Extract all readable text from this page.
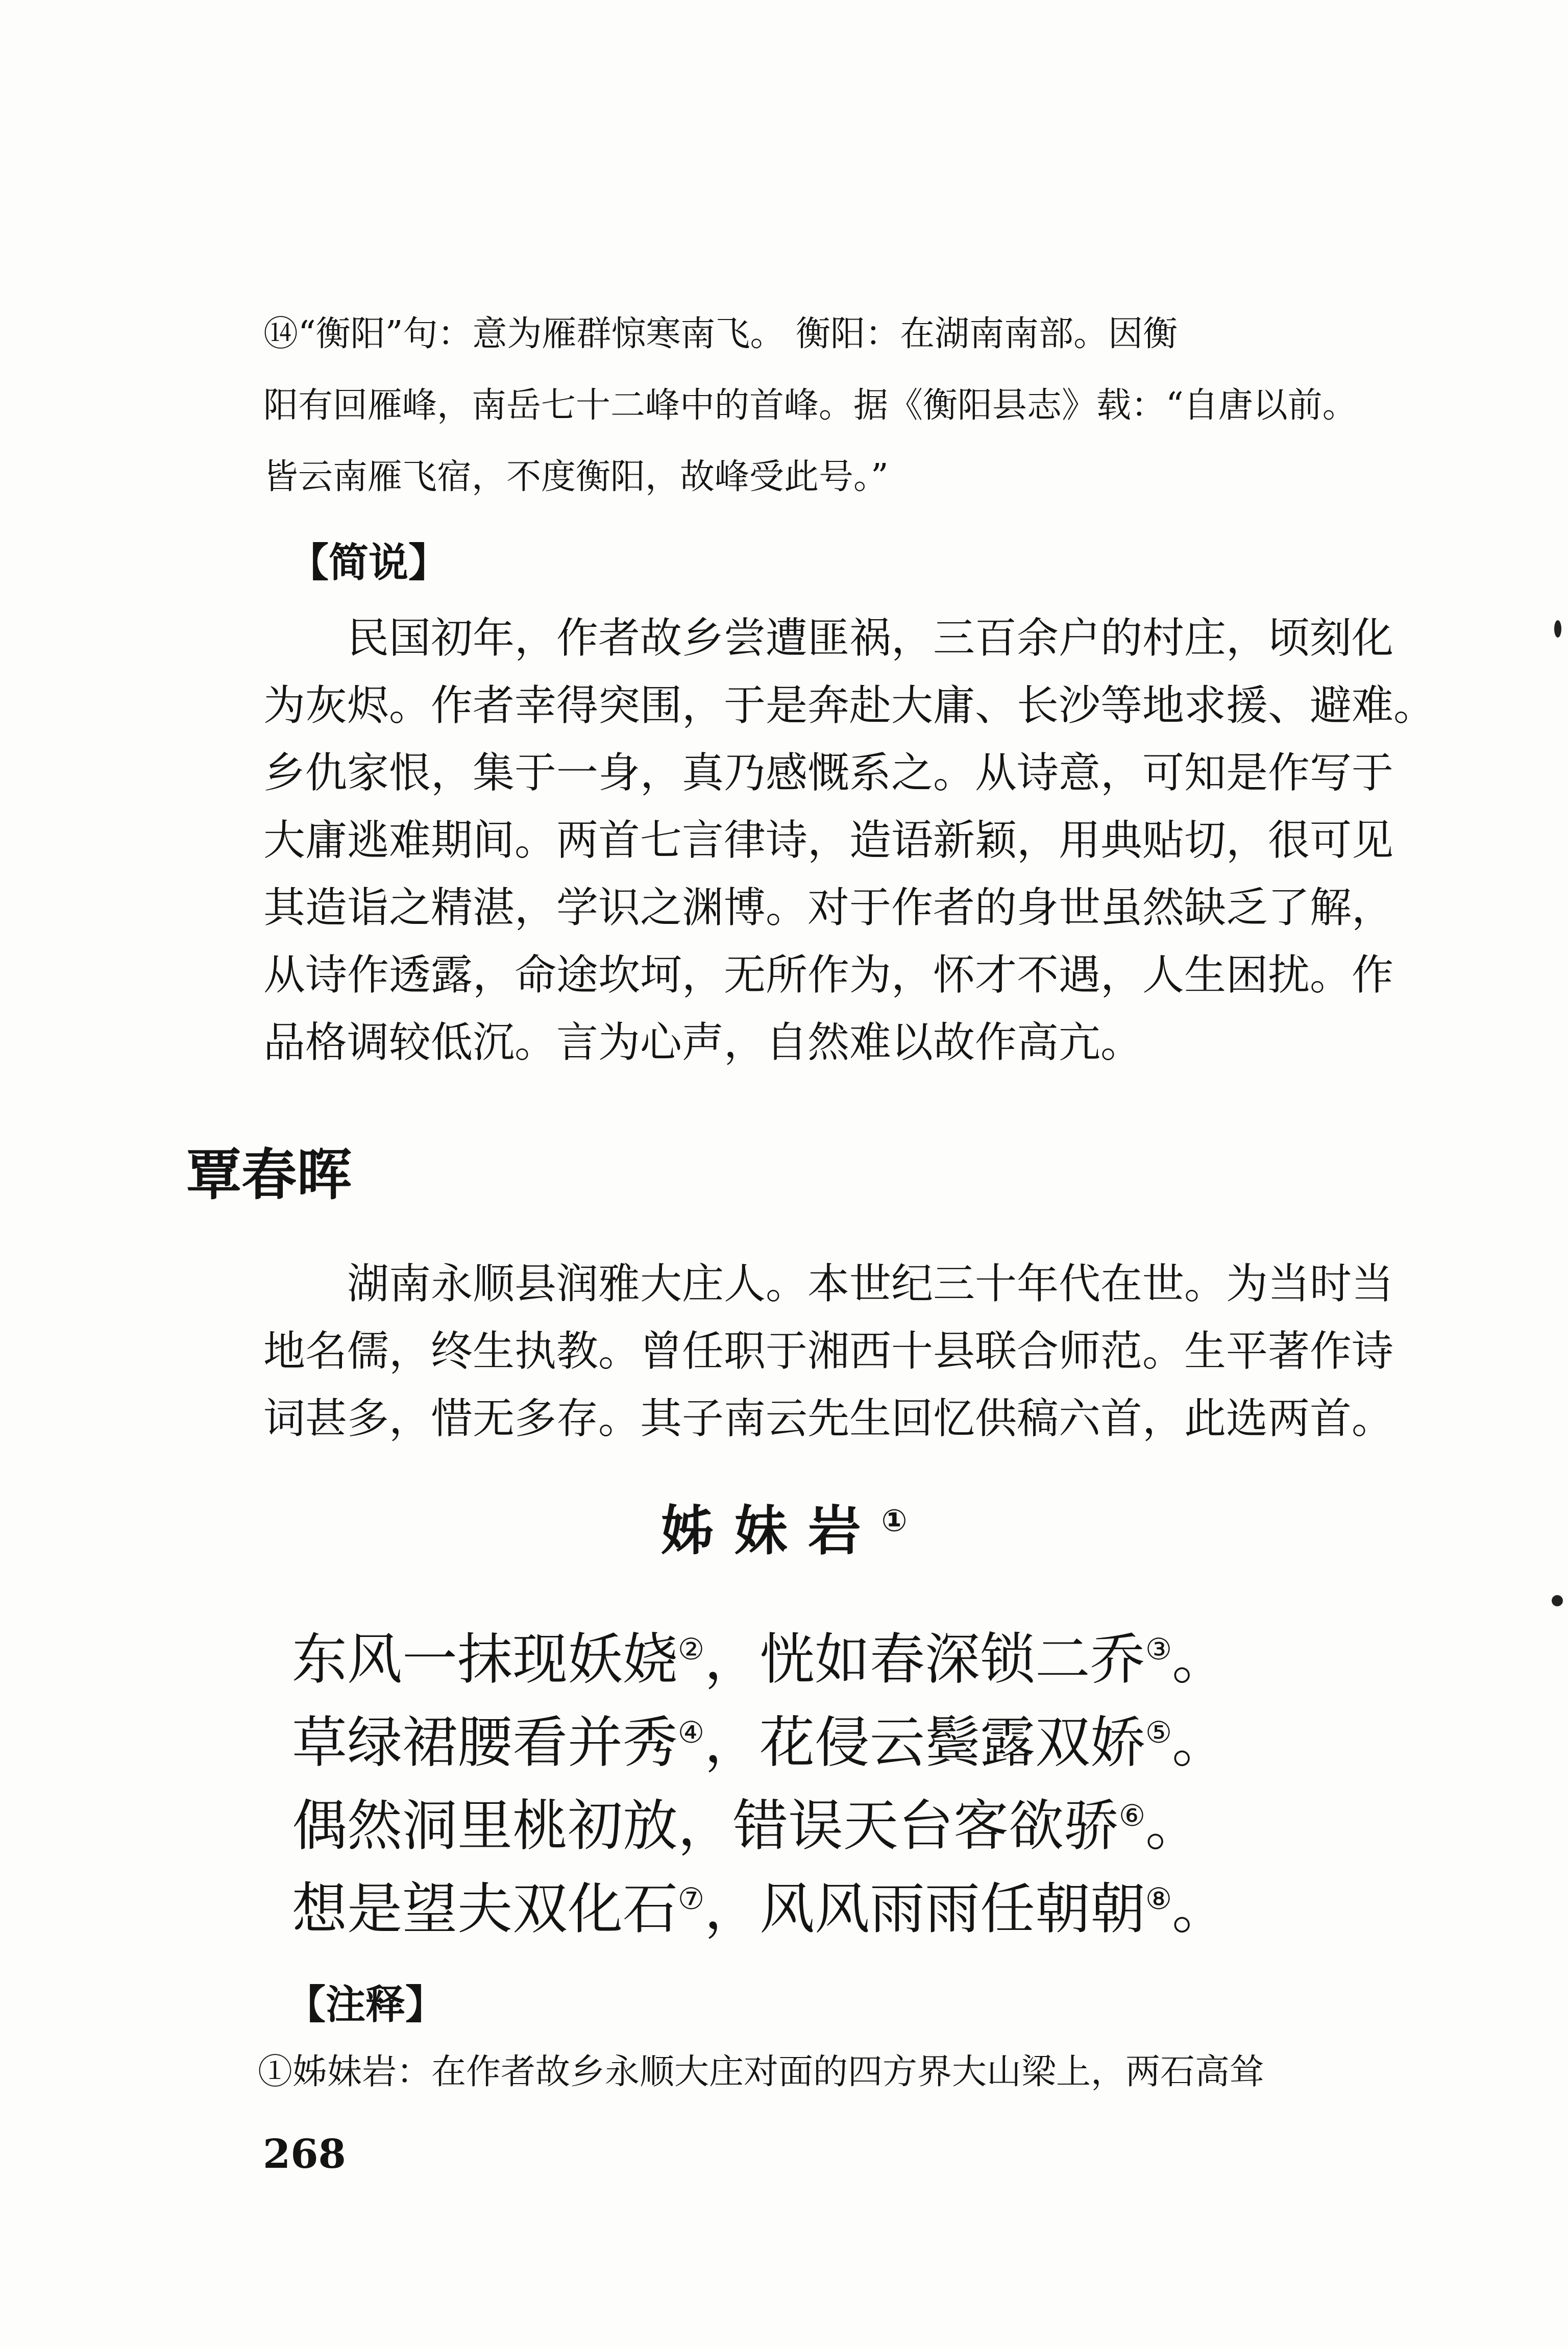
⑭“衡阳”句：意为雁群惊寒南飞。 衡阳：在湖南南部。因衡

阳有回雁峰，南岳七十二峰中的首峰。据《衡阳县志》载：“自唐以前。

皆云南雁飞宿，不度衡阳，故峰受此号。”

【简说】

民国初年，作者故乡尝遭匪祸，三百余户的村庄，顷刻化

为灰烬。作者幸得突围，于是奔赴大庸、长沙等地求援、避难。

乡仇家恨，集于一身，真乃感慨系之。从诗意，可知是作写于

大庸逃难期间。两首七言律诗，造语新颖，用典贴切，很可见

其造诣之精湛，学识之渊博。对于作者的身世虽然缺乏了解，

从诗作透露，命途坎坷，无所作为，怀才不遇，人生困扰。作

品格调较低沉。言为心声，自然难以故作高亢。

覃春晖

湖南永顺县润雅大庄人。本世纪三十年代在世。为当时当

地名儒，终生执教。曾任职于湘西十县联合师范。生平著作诗

词甚多，惜无多存。其子南云先生回忆供稿六首，此选两首。

姊妹岩①

东风一抹现妖娆②，恍如春深锁二乔③。

草绿裙腰看并秀④，花侵云鬓露双娇⑤。

偶然洞里桃初放，错误天台客欲骄⑥。

想是望夫双化石⑦，风风雨雨任朝朝⑧。

【注释】
①姊妹岩：在作者故乡永顺大庄对面的四方界大山梁上，两石高耸
268
